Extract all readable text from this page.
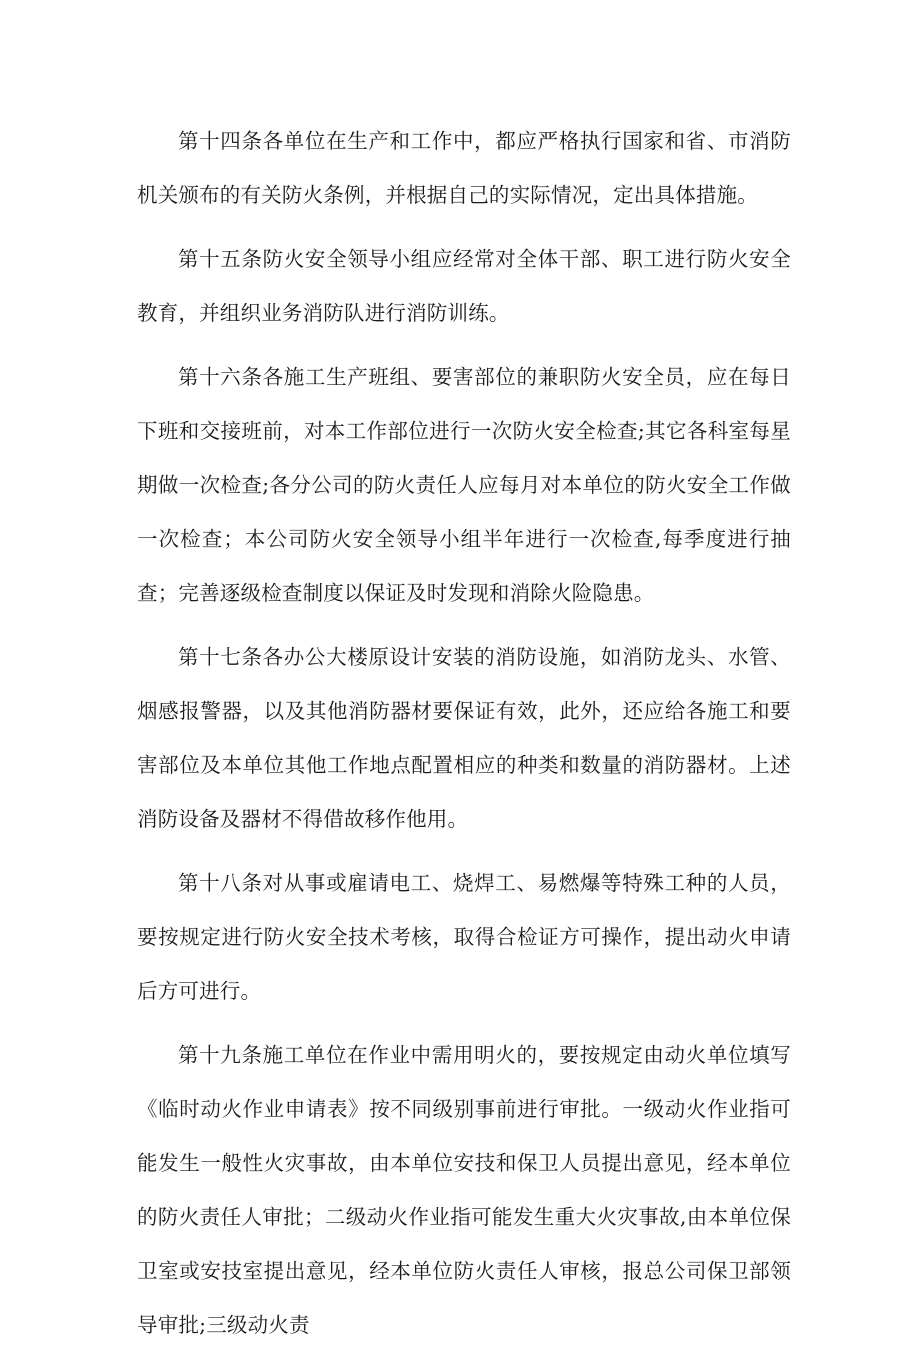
第十四条各单位在生产和工作中，都应严格执行国家和省、市消防机关颁布的有关防火条例，并根据自己的实际情况，定出具体措施。

第十五条防火安全领导小组应经常对全体干部、职工进行防火安全教育，并组织业务消防队进行消防训练。

第十六条各施工生产班组、要害部位的兼职防火安全员，应在每日下班和交接班前，对本工作部位进行一次防火安全检查;其它各科室每星期做一次检查;各分公司的防火责任人应每月对本单位的防火安全工作做一次检查；本公司防火安全领导小组半年进行一次检查,每季度进行抽查；完善逐级检查制度以保证及时发现和消除火险隐患。

第十七条各办公大楼原设计安装的消防设施，如消防龙头、水管、烟感报警器，以及其他消防器材要保证有效，此外，还应给各施工和要害部位及本单位其他工作地点配置相应的种类和数量的消防器材。上述消防设备及器材不得借故移作他用。

第十八条对从事或雇请电工、烧焊工、易燃爆等特殊工种的人员，要按规定进行防火安全技术考核，取得合检证方可操作，提出动火申请后方可进行。

第十九条施工单位在作业中需用明火的，要按规定由动火单位填写《临时动火作业申请表》按不同级别事前进行审批。一级动火作业指可能发生一般性火灾事故，由本单位安技和保卫人员提出意见，经本单位的防火责任人审批；二级动火作业指可能发生重大火灾事故,由本单位保卫室或安技室提出意见，经本单位防火责任人审核，报总公司保卫部领导审批;三级动火责
